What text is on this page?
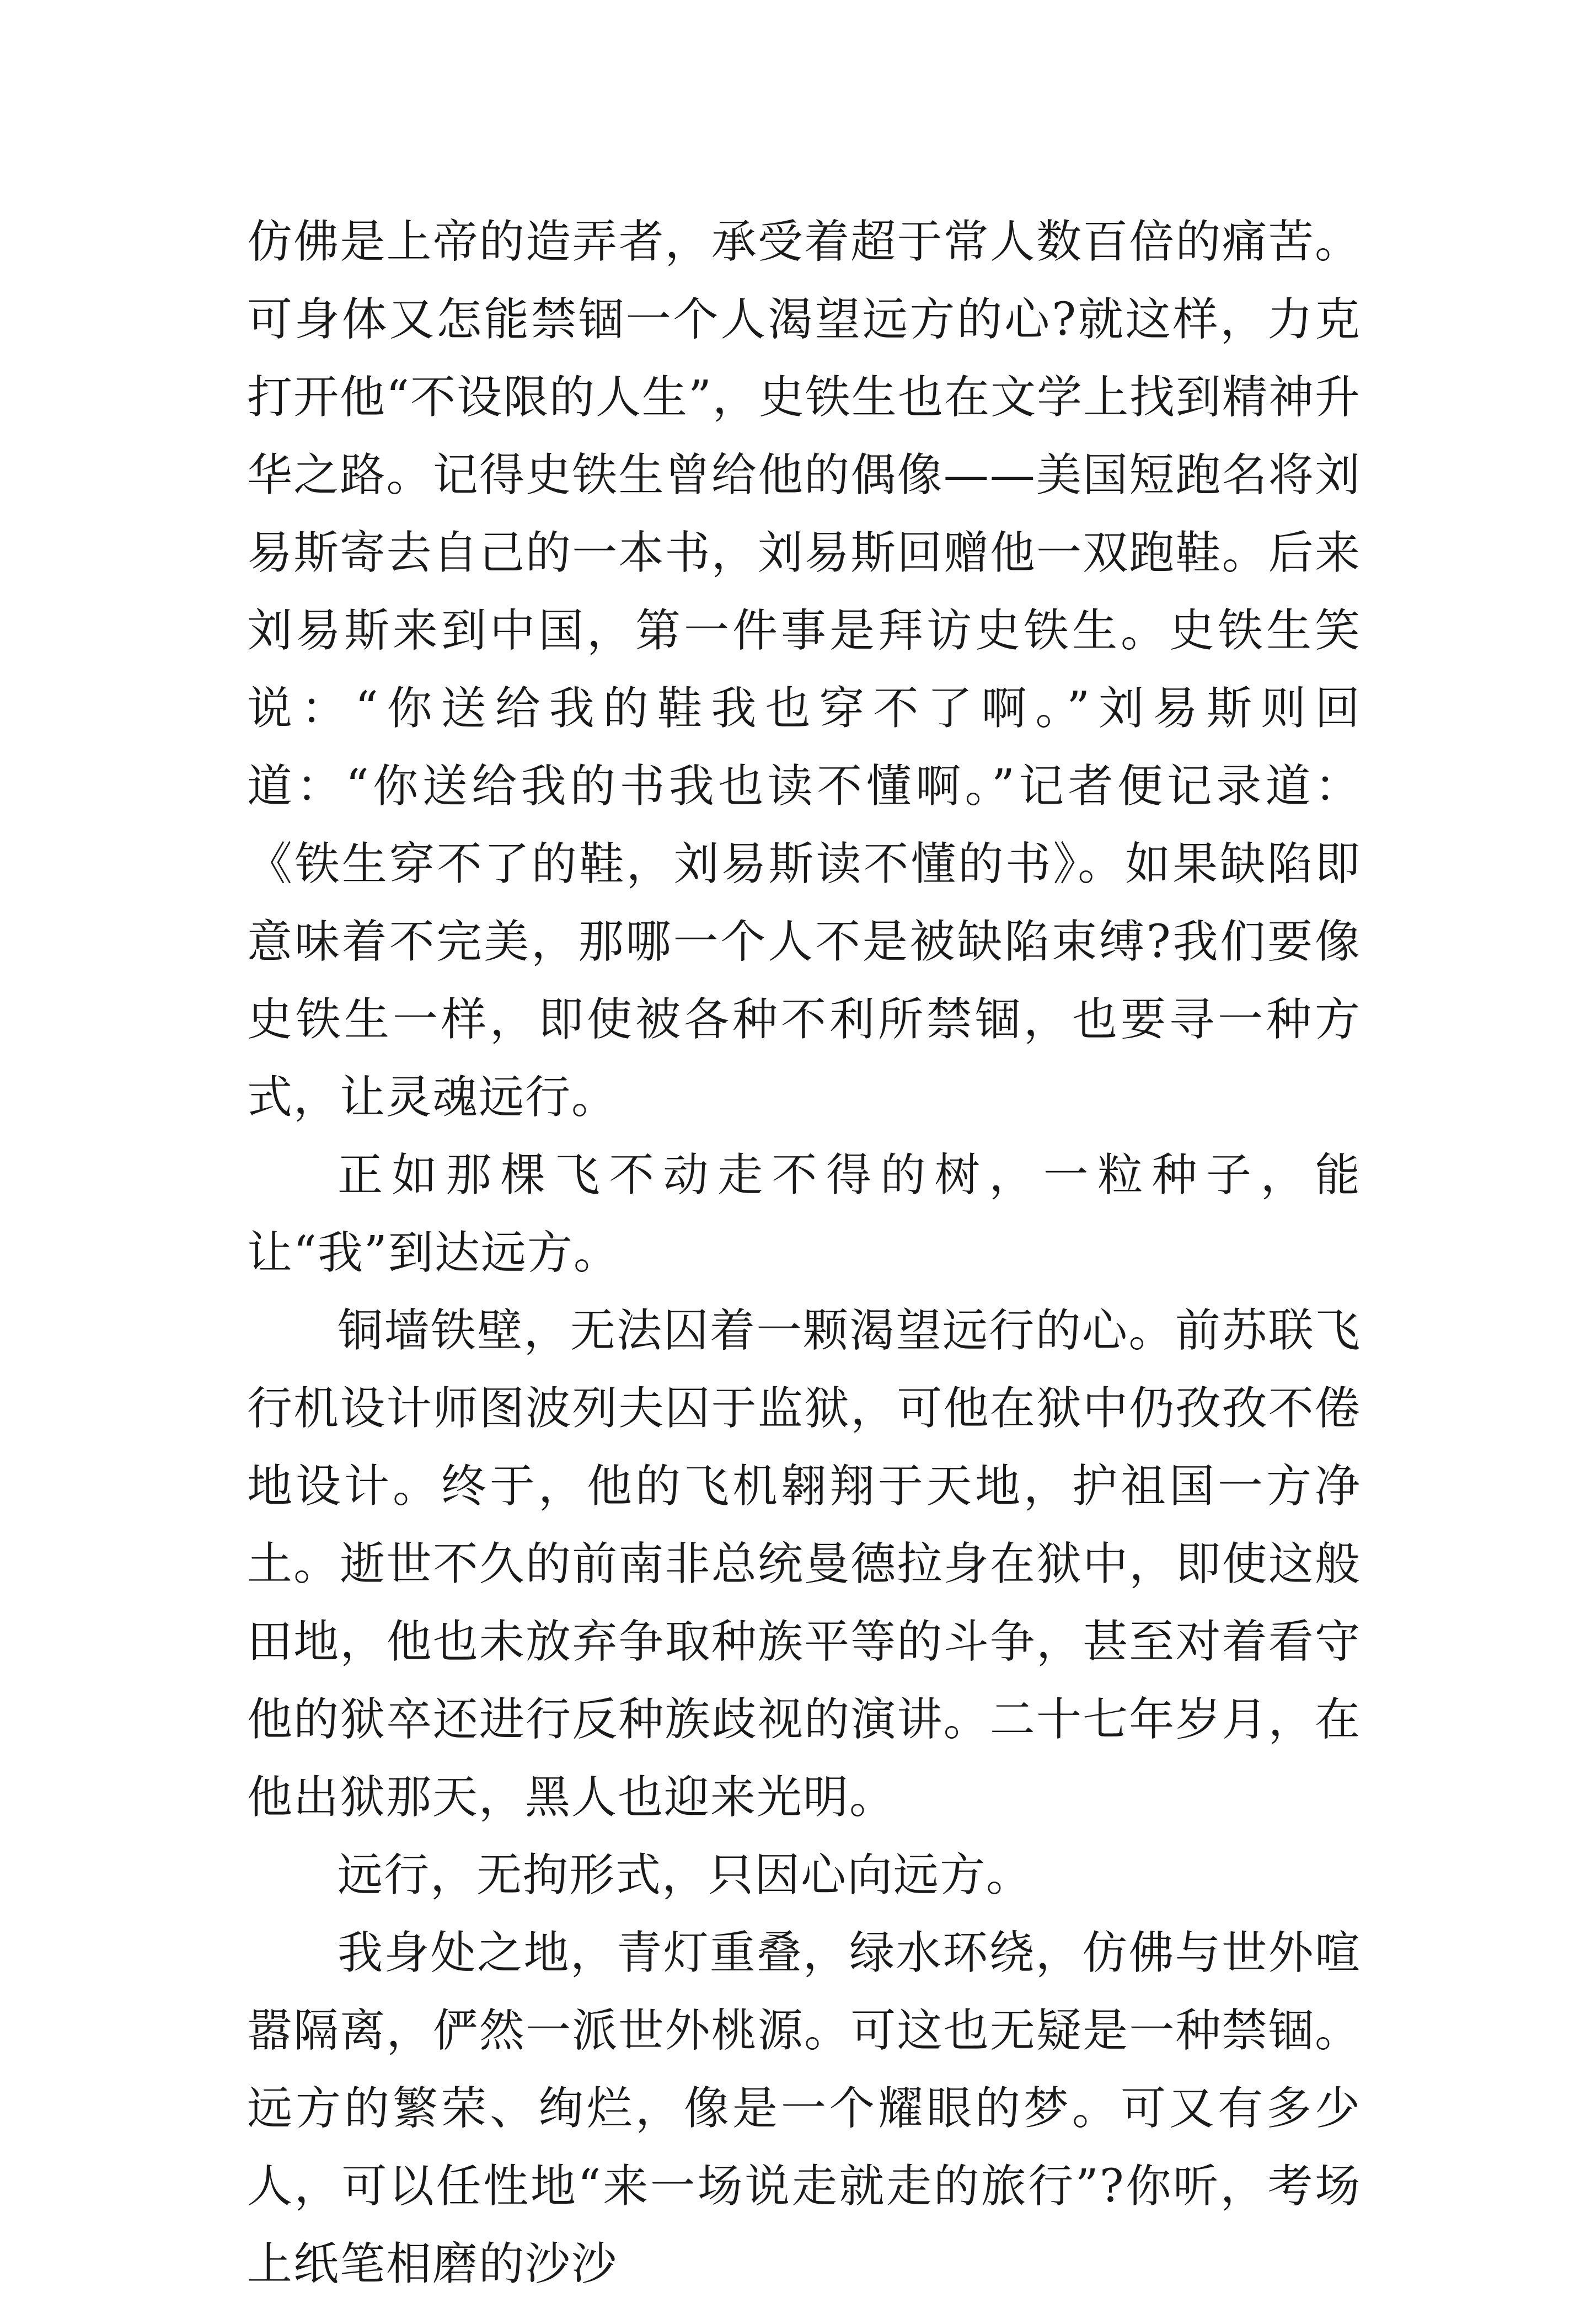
仿佛是上帝的造弄者，承受着超于常人数百倍的痛苦。可身体又怎能禁锢一个人渴望远方的心?就这样，力克打开他“不设限的人生”，史铁生也在文学上找到精神升华之路。记得史铁生曾给他的偶像——美国短跑名将刘易斯寄去自己的一本书，刘易斯回赠他一双跑鞋。后来刘易斯来到中国，第一件事是拜访史铁生。史铁生笑说：“你送给我的鞋我也穿不了啊。”刘易斯则回道：“你送给我的书我也读不懂啊。”记者便记录道：《铁生穿不了的鞋，刘易斯读不懂的书》。如果缺陷即意味着不完美，那哪一个人不是被缺陷束缚?我们要像史铁生一样，即使被各种不利所禁锢，也要寻一种方式，让灵魂远行。

正如那棵飞不动走不得的树，一粒种子，能让“我”到达远方。

铜墙铁壁，无法囚着一颗渴望远行的心。前苏联飞行机设计师图波列夫囚于监狱，可他在狱中仍孜孜不倦地设计。终于，他的飞机翱翔于天地，护祖国一方净土。逝世不久的前南非总统曼德拉身在狱中，即使这般田地，他也未放弃争取种族平等的斗争，甚至对着看守他的狱卒还进行反种族歧视的演讲。二十七年岁月，在他出狱那天，黑人也迎来光明。

远行，无拘形式，只因心向远方。

我身处之地，青灯重叠，绿水环绕，仿佛与世外喧嚣隔离，俨然一派世外桃源。可这也无疑是一种禁锢。远方的繁荣、绚烂，像是一个耀眼的梦。可又有多少人，可以任性地“来一场说走就走的旅行”?你听，考场上纸笔相磨的沙沙
